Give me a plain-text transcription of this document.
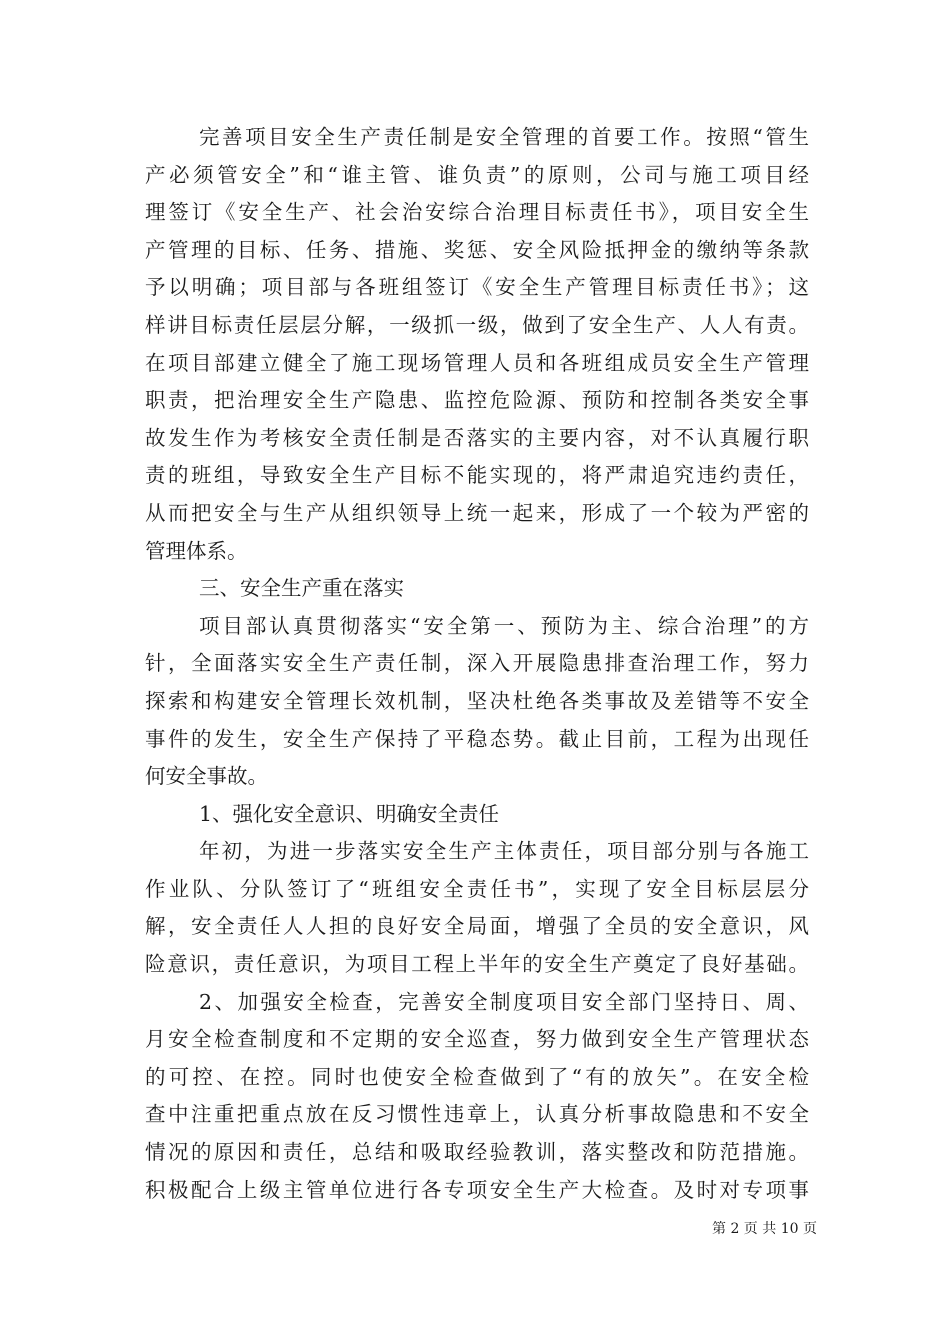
完善项目安全生产责任制是安全管理的首要工作。按照“管生
产必须管安全”和“谁主管、谁负责”的原则，公司与施工项目经
理签订《安全生产、社会治安综合治理目标责任书》，项目安全生
产管理的目标、任务、措施、奖惩、安全风险抵押金的缴纳等条款
予以明确；项目部与各班组签订《安全生产管理目标责任书》；这
样讲目标责任层层分解，一级抓一级，做到了安全生产、人人有责。
在项目部建立健全了施工现场管理人员和各班组成员安全生产管理
职责，把治理安全生产隐患、监控危险源、预防和控制各类安全事
故发生作为考核安全责任制是否落实的主要内容，对不认真履行职
责的班组，导致安全生产目标不能实现的，将严肃追究违约责任，
从而把安全与生产从组织领导上统一起来，形成了一个较为严密的
管理体系。
三、安全生产重在落实
项目部认真贯彻落实“安全第一、预防为主、综合治理”的方
针，全面落实安全生产责任制，深入开展隐患排查治理工作，努力
探索和构建安全管理长效机制，坚决杜绝各类事故及差错等不安全
事件的发生，安全生产保持了平稳态势。截止目前，工程为出现任
何安全事故。
1、强化安全意识、明确安全责任
年初，为进一步落实安全生产主体责任，项目部分别与各施工
作业队、分队签订了“班组安全责任书”，实现了安全目标层层分
解，安全责任人人担的良好安全局面，增强了全员的安全意识，风
险意识，责任意识，为项目工程上半年的安全生产奠定了良好基础。
2、加强安全检查，完善安全制度项目安全部门坚持日、周、
月安全检查制度和不定期的安全巡查，努力做到安全生产管理状态
的可控、在控。同时也使安全检查做到了“有的放矢”。在安全检
查中注重把重点放在反习惯性违章上，认真分析事故隐患和不安全
情况的原因和责任，总结和吸取经验教训，落实整改和防范措施。
积极配合上级主管单位进行各专项安全生产大检查。及时对专项事
第 2 页 共 10 页
